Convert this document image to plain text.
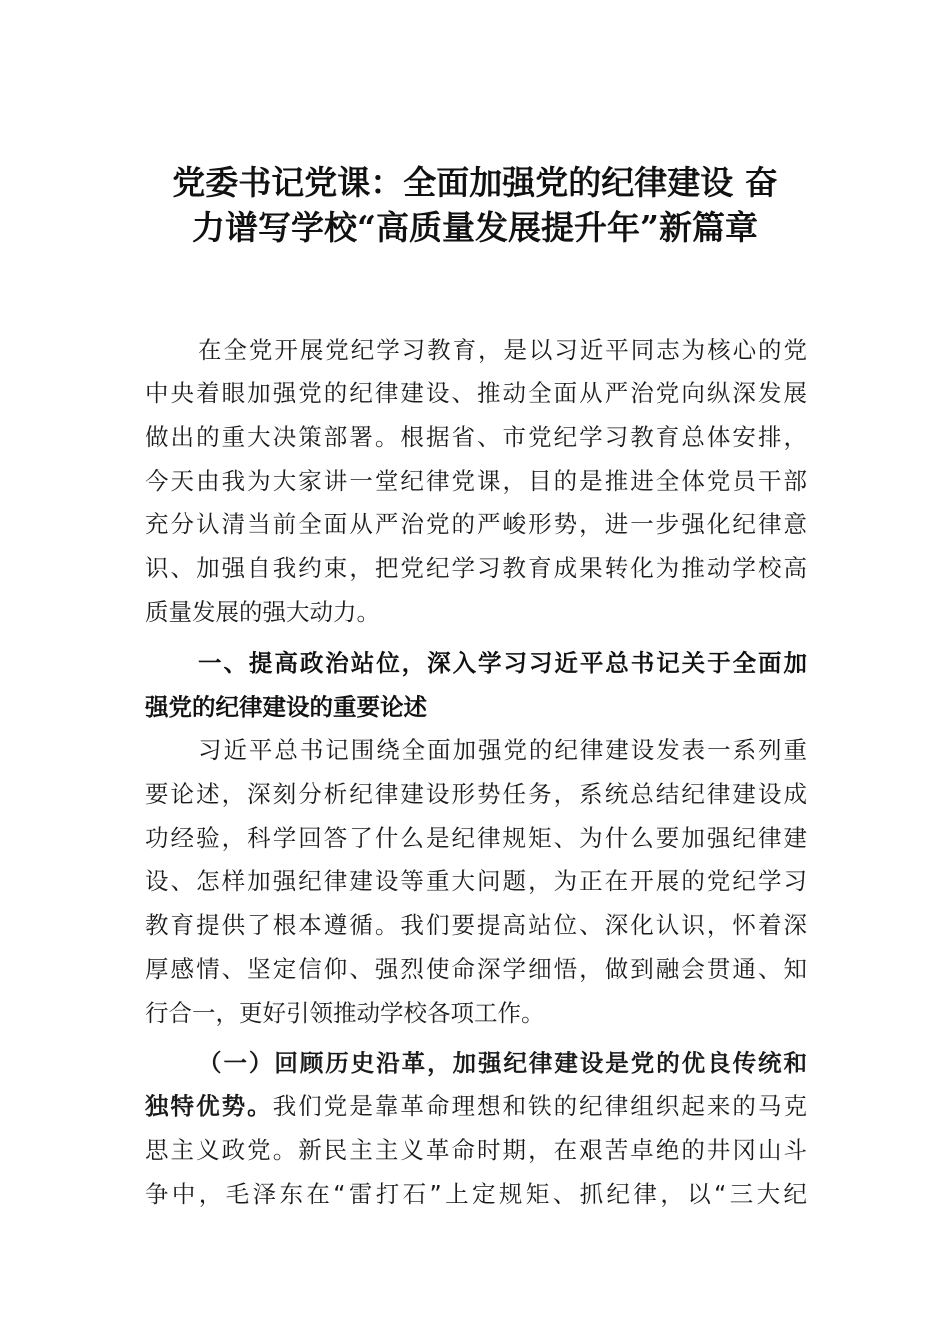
党委书记党课：全面加强党的纪律建设 奋
力谱写学校“高质量发展提升年”新篇章
在全党开展党纪学习教育，是以习近平同志为核心的党
中央着眼加强党的纪律建设、推动全面从严治党向纵深发展
做出的重大决策部署。根据省、市党纪学习教育总体安排，
今天由我为大家讲一堂纪律党课，目的是推进全体党员干部
充分认清当前全面从严治党的严峻形势，进一步强化纪律意
识、加强自我约束，把党纪学习教育成果转化为推动学校高
质量发展的强大动力。
一、提高政治站位，深入学习习近平总书记关于全面加
强党的纪律建设的重要论述
习近平总书记围绕全面加强党的纪律建设发表一系列重
要论述，深刻分析纪律建设形势任务，系统总结纪律建设成
功经验，科学回答了什么是纪律规矩、为什么要加强纪律建
设、怎样加强纪律建设等重大问题，为正在开展的党纪学习
教育提供了根本遵循。我们要提高站位、深化认识，怀着深
厚感情、坚定信仰、强烈使命深学细悟，做到融会贯通、知
行合一，更好引领推动学校各项工作。
（一）回顾历史沿革，加强纪律建设是党的优良传统和
独特优势。我们党是靠革命理想和铁的纪律组织起来的马克
思主义政党。新民主主义革命时期，在艰苦卓绝的井冈山斗
争中，毛泽东在“雷打石”上定规矩、抓纪律，以“三大纪
